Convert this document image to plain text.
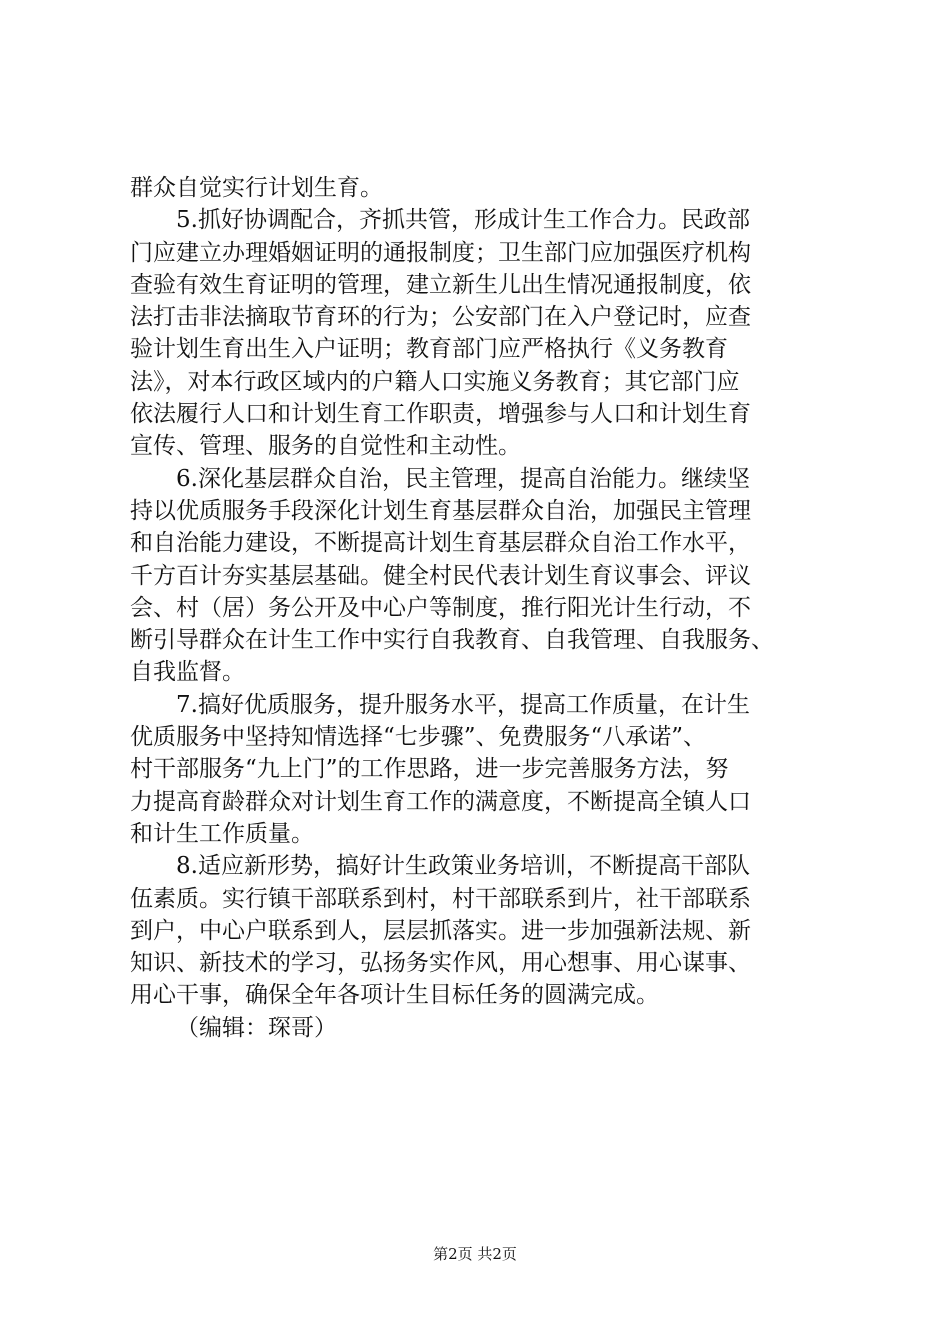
群众自觉实行计划生育。
5.抓好协调配合，齐抓共管，形成计生工作合力。民政部
门应建立办理婚姻证明的通报制度；卫生部门应加强医疗机构
查验有效生育证明的管理，建立新生儿出生情况通报制度，依
法打击非法摘取节育环的行为；公安部门在入户登记时，应查
验计划生育出生入户证明；教育部门应严格执行《义务教育
法》，对本行政区域内的户籍人口实施义务教育；其它部门应
依法履行人口和计划生育工作职责，增强参与人口和计划生育
宣传、管理、服务的自觉性和主动性。
6.深化基层群众自治，民主管理，提高自治能力。继续坚
持以优质服务手段深化计划生育基层群众自治，加强民主管理
和自治能力建设，不断提高计划生育基层群众自治工作水平，
千方百计夯实基层基础。健全村民代表计划生育议事会、评议
会、村（居）务公开及中心户等制度，推行阳光计生行动，不
断引导群众在计生工作中实行自我教育、自我管理、自我服务、
自我监督。
7.搞好优质服务，提升服务水平，提高工作质量，在计生
优质服务中坚持知情选择“七步骤”、免费服务“八承诺”、
村干部服务“九上门”的工作思路，进一步完善服务方法，努
力提高育龄群众对计划生育工作的满意度，不断提高全镇人口
和计生工作质量。
8.适应新形势，搞好计生政策业务培训，不断提高干部队
伍素质。实行镇干部联系到村，村干部联系到片，社干部联系
到户，中心户联系到人，层层抓落实。进一步加强新法规、新
知识、新技术的学习，弘扬务实作风，用心想事、用心谋事、
用心干事，确保全年各项计生目标任务的圆满完成。
（编辑：琛哥）
第2页 共2页
